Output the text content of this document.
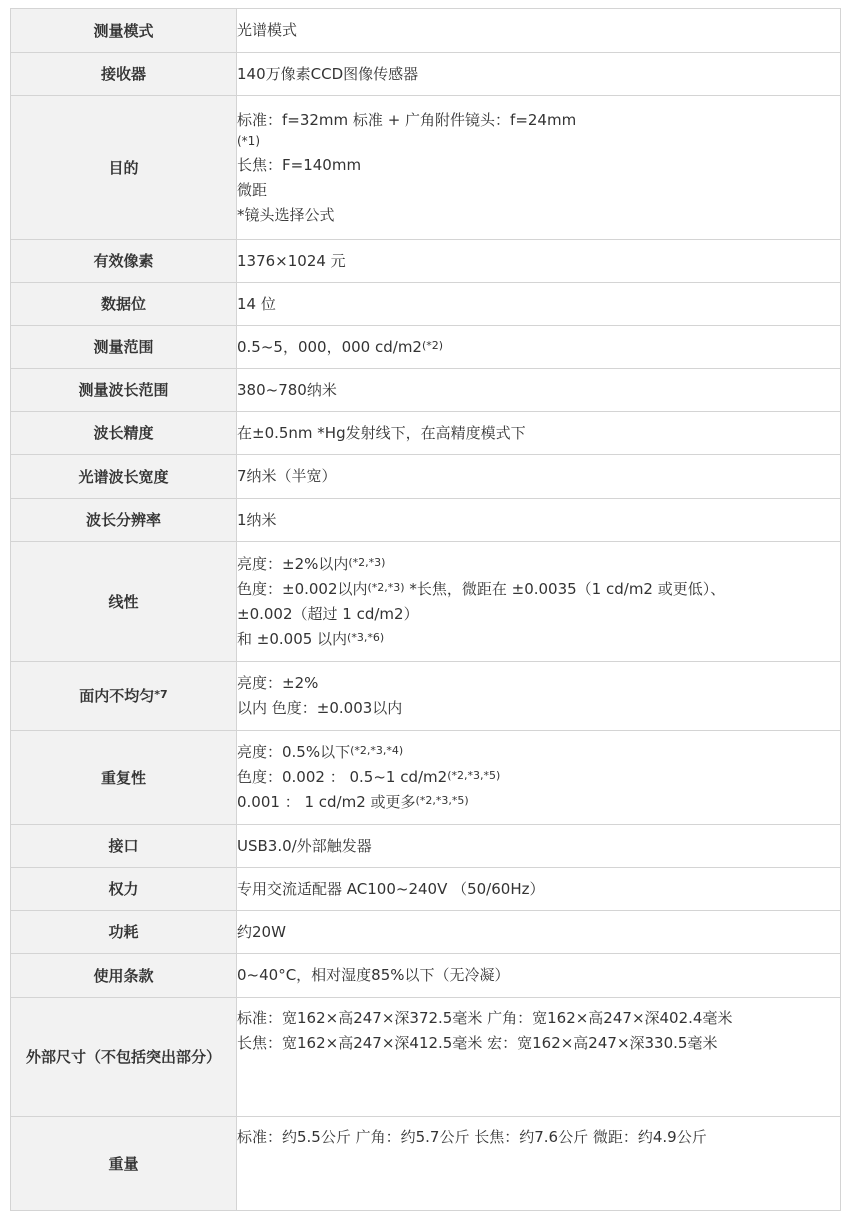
测量模式	光谱模式

接收器	140万像素CCD图像传感器

目的	标准：f=32mm 标准 + 广角附件镜头：f=24mm
(*1)
长焦：F=140mm
微距
*镜头选择公式

有效像素	1376×1024 元

数据位	14 位

测量范围	0.5~5，000，000 $cd/m2^{(*2)}$

测量波长范围	380~780纳米

波长精度	在±0.5nm *Hg发射线下，在高精度模式下

光谱波长宽度	7纳米（半宽）

波长分辨率	1纳米

线性	亮度：±2%以内$^{(*2,*3)}$
色度：±0.002以内$^{(*2,*3)}$ *长焦，微距在 ±0.0035（1 cd/m2 或更低）、
±0.002（超过 1 cd/m2）
和 ±0.005 以内$^{(*3,*6)}$

面内不均匀$^{*7}$	亮度：±2%
以内 色度：±0.003以内

重复性	亮度：0.5%以下$^{(*2,*3,*4)}$
色度：0.002 ： 0.5~1 $cd/m2^{(*2,*3,*5)}$
0.001 ： 1 cd/m2 或更多$^{(*2,*3,*5)}$

接口	USB3.0/外部触发器

权力	专用交流适配器 AC100~240V （50/60Hz）

功耗	约20W

使用条款	0~40°C，相对湿度85%以下（无冷凝）

外部尺寸（不包括突出部分）	标准：宽162×高247×深372.5毫米 广角：宽162×高247×深402.4毫米
长焦：宽162×高247×深412.5毫米 宏：宽162×高247×深330.5毫米

重量	标准：约5.5公斤 广角：约5.7公斤 长焦：约7.6公斤 微距：约4.9公斤
